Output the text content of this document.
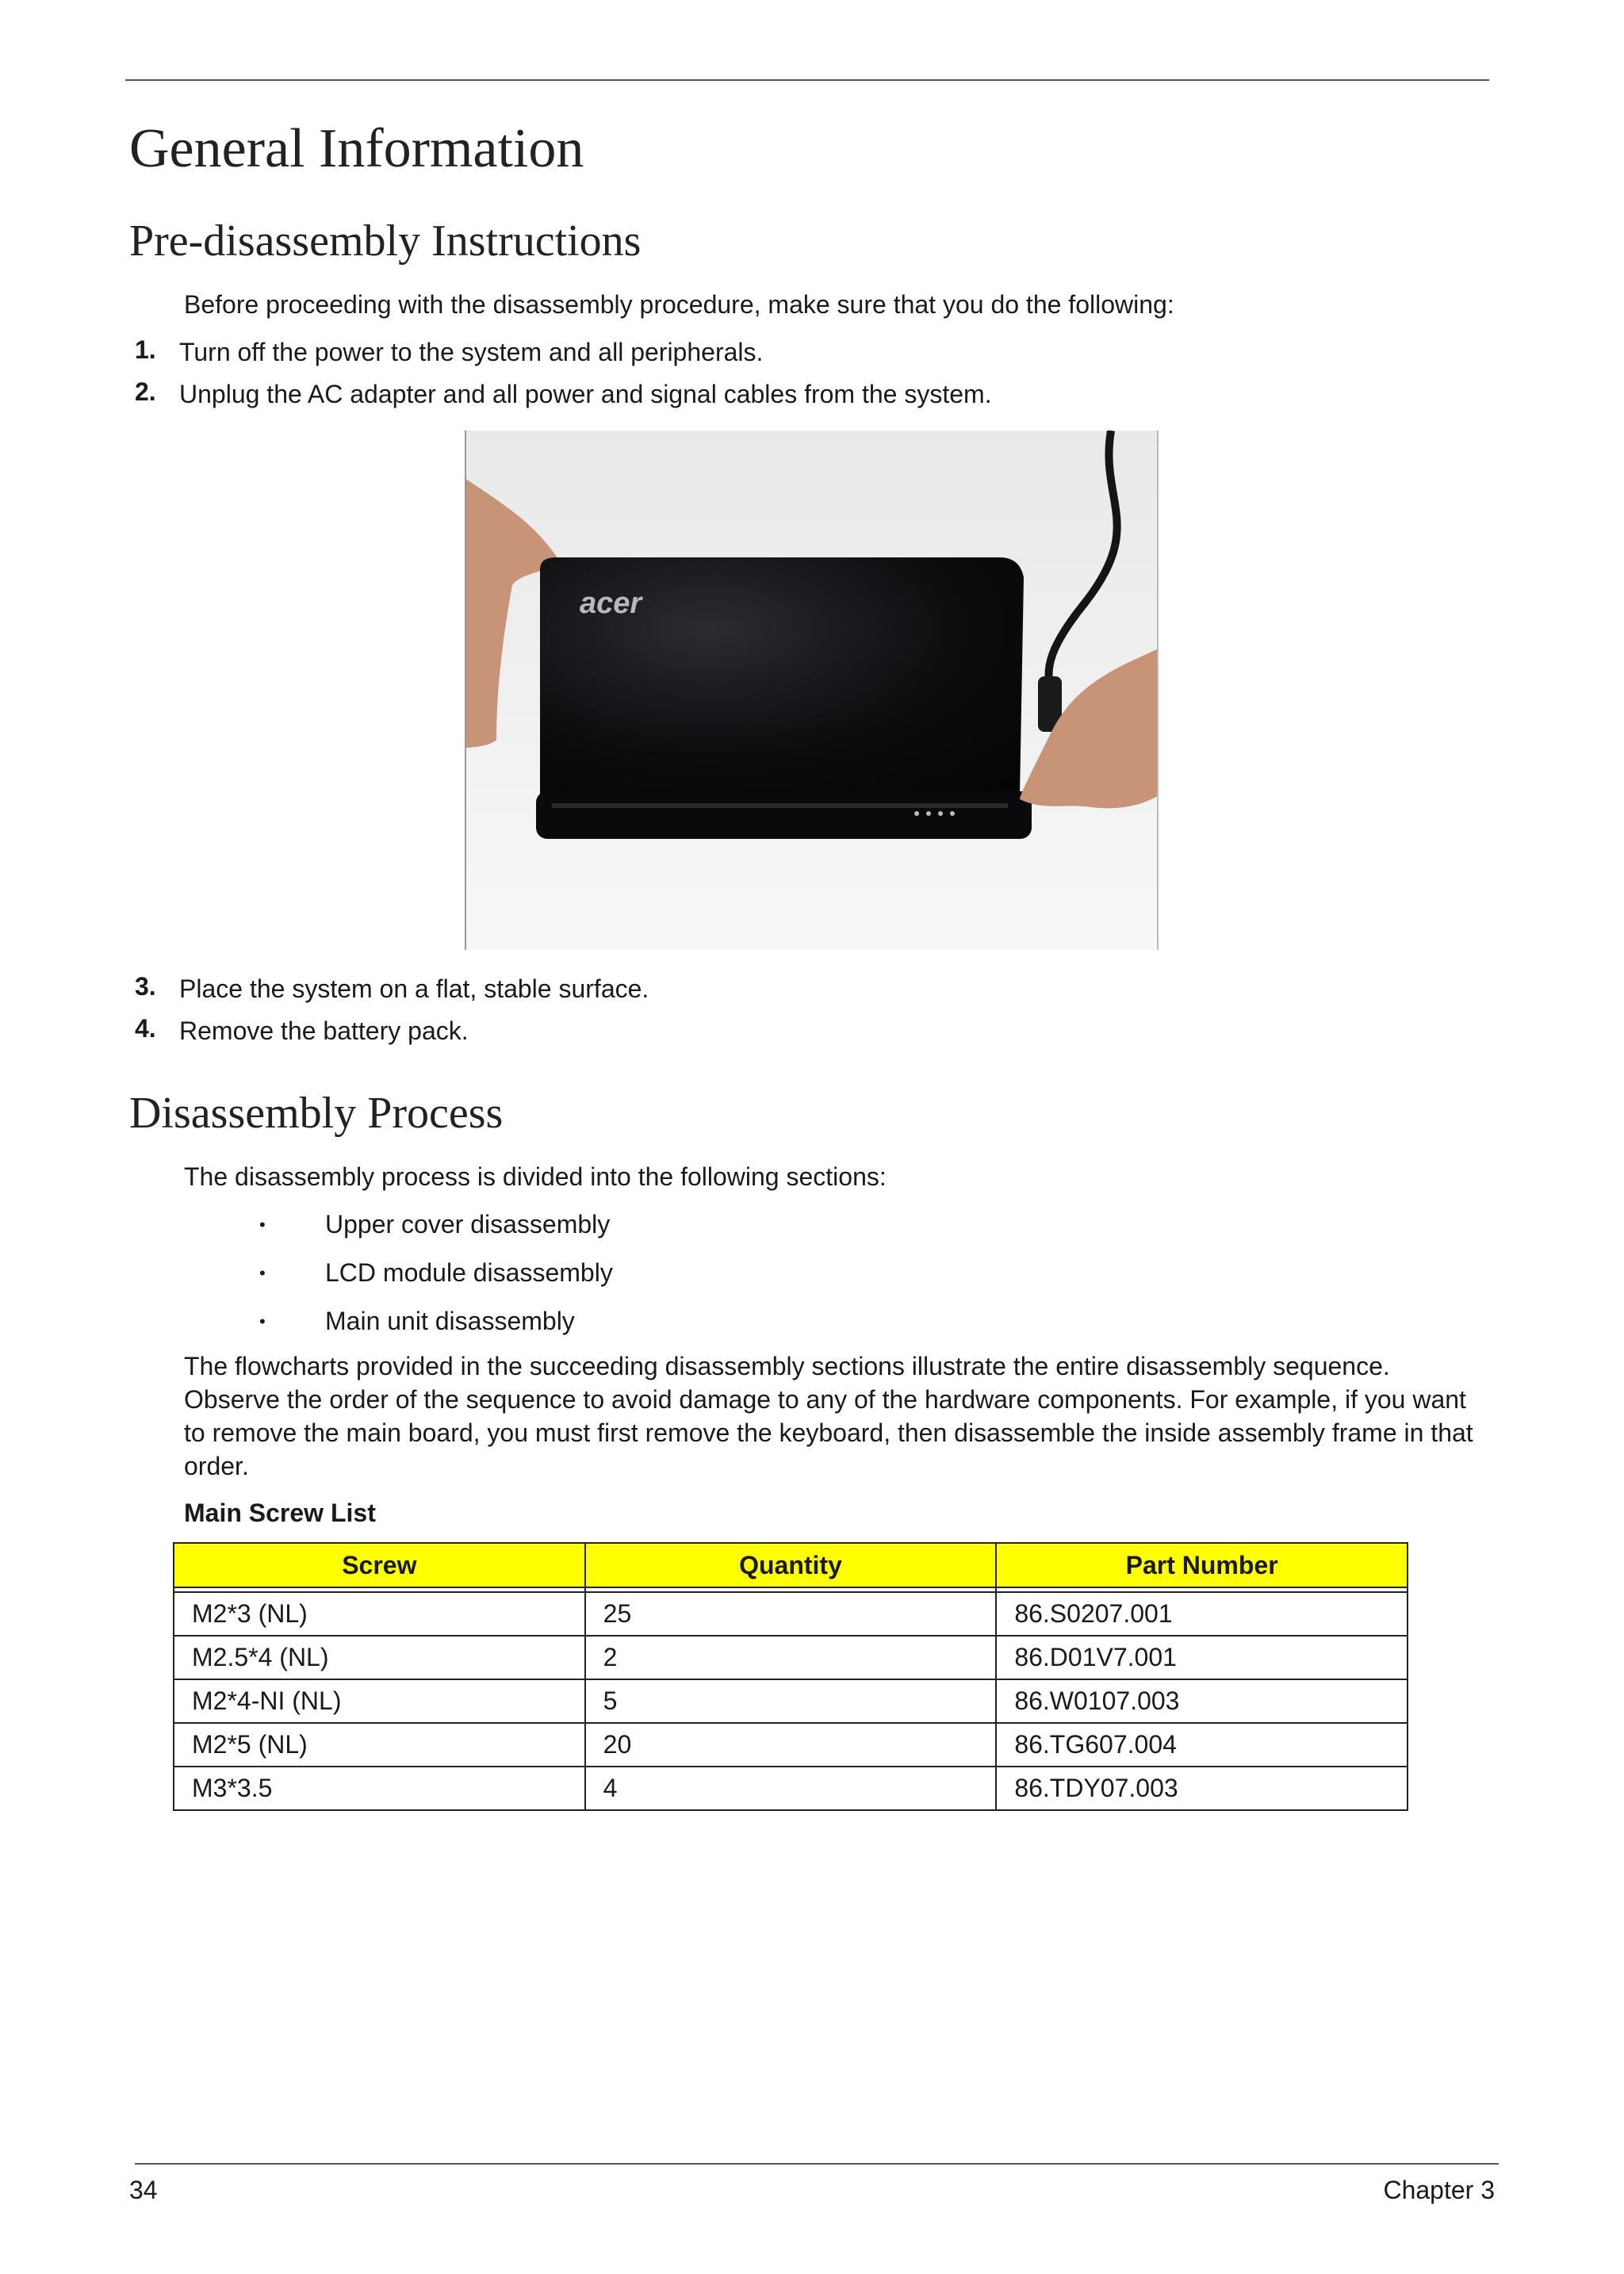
General Information
Pre-disassembly Instructions
Before proceeding with the disassembly procedure, make sure that you do the following:
1. Turn off the power to the system and all peripherals.
2. Unplug the AC adapter and all power and signal cables from the system.
acer
3. Place the system on a flat, stable surface.
4. Remove the battery pack.
Disassembly Process
The disassembly process is divided into the following sections:
• Upper cover disassembly
• LCD module disassembly
• Main unit disassembly
The flowcharts provided in the succeeding disassembly sections illustrate the entire disassembly sequence. Observe the order of the sequence to avoid damage to any of the hardware components. For example, if you want to remove the main board, you must first remove the keyboard, then disassemble the inside assembly frame in that order.
Main Screw List
Screw	Quantity	Part Number

M2*3 (NL)	25	86.S0207.001
M2.5*4 (NL)	2	86.D01V7.001
M2*4-NI (NL)	5	86.W0107.003
M2*5 (NL)	20	86.TG607.004
M3*3.5	4	86.TDY07.003
34	Chapter 3
